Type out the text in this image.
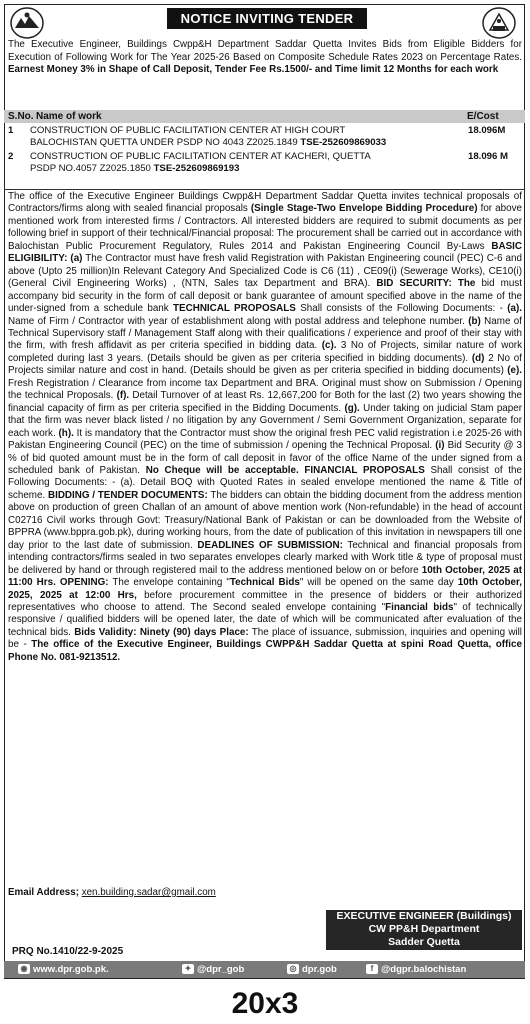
NOTICE INVITING TENDER
The Executive Engineer, Buildings Cwpp&H Department Saddar Quetta Invites Bids from Eligible Bidders for Execution of Following Work for The Year 2025-26 Based on Composite Schedule Rates 2023 on Percentage Rates. Earnest Money 3% in Shape of Call Deposit, Tender Fee Rs.1500/- and Time limit 12 Months for each work
S.No. Name of work	E/Cost
1 CONSTRUCTION OF PUBLIC FACILITATION CENTER AT HIGH COURT
BALOCHISTAN QUETTA UNDER PSDP NO 4043 Z2025.1849 TSE-252609869033
18.096M
2 CONSTRUCTION OF PUBLIC FACILITATION CENTER AT KACHERI, QUETTA
PSDP NO.4057 Z2025.1850 TSE-252609869193
18.096 M
The office of the Executive Engineer Buildings Cwpp&H Department Saddar Quetta invites technical proposals of Contractors/firms along with sealed financial proposals (Single Stage-Two Envelope Bidding Procedure) for above mentioned work from interested firms / Contractors. All interested bidders are required to submit documents as per following brief in support of their technical/Financial proposal: The procurement shall be carried out in accordance with Balochistan Public Procurement Regulatory, Rules 2014 and Pakistan Engineering Council By-Laws BASIC ELIGIBILITY: (a) The Contractor must have fresh valid Registration with Pakistan Engineering council (PEC) C-6 and above (Upto 25 million)In Relevant Category And Specialized Code is C6 (11) , CE09(i) (Sewerage Works), CE10(i) (General Civil Engineering Works) , (NTN, Sales tax Department and BRA). BID SECURITY: The bid must accompany bid security in the form of call deposit or bank guarantee of amount specified above in the name of the under-signed from a schedule bank TECHNICAL PROPOSALS Shall consists of the Following Documents: - (a). Name of Firm / Contractor with year of establishment along with postal address and telephone number. (b) Name of Technical Supervisory staff / Management Staff along with their qualifications / experience and proof of their stay with the firm, with fresh affidavit as per criteria specified in bidding data. (c). 3 No of Projects, similar nature of work completed during last 3 years. (Details should be given as per criteria specified in bidding documents). (d) 2 No of Projects similar nature and cost in hand. (Details should be given as per criteria specified in bidding documents) (e). Fresh Registration / Clearance from income tax Department and BRA. Original must show on Submission / Opening the technical Proposals. (f). Detail Turnover of at least Rs. 12,667,200 for Both for the last (2) two years showing the financial capacity of firm as per criteria specified in the Bidding Documents. (g). Under taking on judicial Stam paper that the firm was never black listed / no litigation by any Government / Semi Government Organization, separate for each work. (h). It is mandatory that the Contractor must show the original fresh PEC valid registration i.e 2025-26 with Pakistan Engineering Council (PEC) on the time of submission / opening the Technical Proposal. (i) Bid Security @ 3 % of bid quoted amount must be in the form of call deposit in favor of the office Name of the under signed from a scheduled bank of Pakistan. No Cheque will be acceptable. FINANCIAL PROPOSALS Shall consist of the Following Documents: - (a). Detail BOQ with Quoted Rates in sealed envelope mentioned the name & Title of scheme. BIDDING / TENDER DOCUMENTS: The bidders can obtain the bidding document from the address mention above on production of green Challan of an amount of above mention work (Non-refundable) in the head of account C02716 Civil works through Govt: Treasury/National Bank of Pakistan or can be downloaded from the Website of BPPRA (www.bppra.gob.pk), during working hours, from the date of publication of this invitation in newspapers till one day prior to the last date of submission. DEADLINES OF SUBMISSION: Technical and financial proposals from intending contractors/firms sealed in two separates envelopes clearly marked with Work title & type of proposal must be delivered by hand or through registered mail to the address mentioned below on or before 10th October, 2025 at 11:00 Hrs. OPENING: The envelope containing "Technical Bids" will be opened on the same day 10th October, 2025, 2025 at 12:00 Hrs, before procurement committee in the presence of bidders or their authorized representatives who choose to attend. The Second sealed envelope containing "Financial bids" of technically responsive / qualified bidders will be opened later, the date of which will be communicated after evaluation of the technical bids. Bids Validity: Ninety (90) days Place: The place of issuance, submission, inquiries and opening will be - The office of the Executive Engineer, Buildings CWPP&H Saddar Quetta at spini Road Quetta, office Phone No. 081-9213512.
Email Address; xen.building.sadar@gmail.com
EXECUTIVE ENGINEER (Buildings)
CW PP&H Department
Sadder Quetta
PRQ No.1410/22-9-2025
◉ www.dpr.gob.pk.	✦ @dpr_gob	◎ dpr.gob	f @dgpr.balochistan
20x3
